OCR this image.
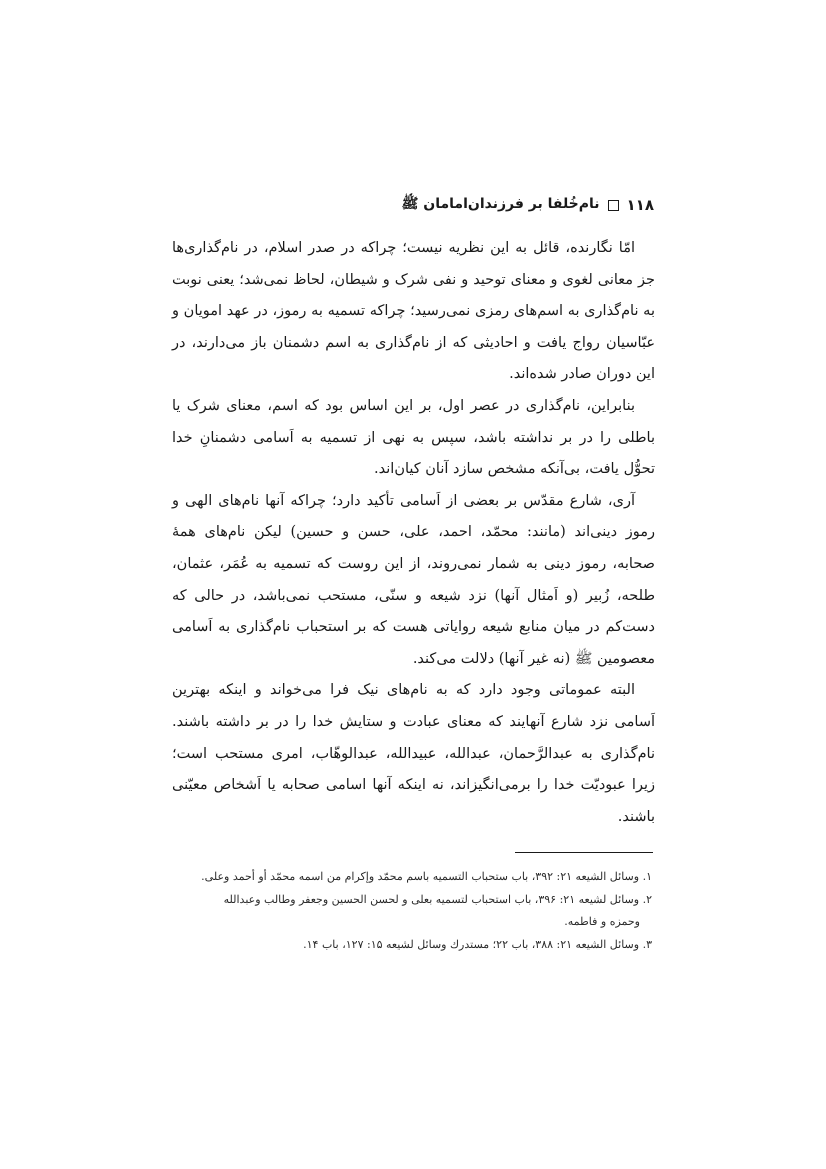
۱۱۸
نام‌خُلفا بر فرزندان‌امامان ﷺ

امّا نگارنده، قائل به این نظریه نیست؛ چراکه در صدر اسلام، در نام‌گذاری‌ها جز معانی لغوی و معنای توحید و نفی شرک و شیطان، لحاظ نمی‌شد؛ یعنی نوبت به نام‌گذاری به اسم‌های رمزی نمی‌رسید؛ چراکه تسمیه به رموز، در عهد امویان و عبّاسیان رواج یافت و احادیثی که از نام‌گذاری به اسم دشمنان باز می‌دارند، در این دوران صادر شده‌اند.

بنابراین، نام‌گذاری در عصر اول، بر این اساس بود که اسم، معنای شرک یا باطلی را در بر نداشته باشد، سپس به نهی از تسمیه به اَسامی دشمنانِ خدا تحوُّل یافت، بی‌آنکه مشخص سازد آنان کیان‌اند.

آری، شارع مقدّس بر بعضی از اَسامی تأکید دارد؛ چراکه آنها نام‌های الهی و رموز دینی‌اند (مانند: محمّد، احمد، علی، حسن و حسین) لیکن نام‌های همهٔ صحابه، رموز دینی به شمار نمی‌روند، از این روست که تسمیه به عُمَر، عثمان، طلحه، زُبیر (و اَمثال آنها) نزد شیعه و سنّی، مستحب نمی‌باشد، در حالی که دست‌کم در میان منابع شیعه روایاتی هست که بر استحباب نام‌گذاری به اَسامی معصومین ﷺ (نه غیر آنها) دلالت می‌کند.

البته عموماتی وجود دارد که به نام‌های نیک فرا می‌خواند و اینکه بهترین اَسامی نزد شارع آنهایند که معنای عبادت و ستایش خدا را در بر داشته باشند. نام‌گذاری به عبدالرَّحمان، عبدالله، عبیدالله، عبدالوهّاب، امری مستحب است؛ زیرا عبودیّت خدا را برمی‌انگیزاند، نه اینکه آنها اسامی صحابه یا اَشخاص معیّنی باشند.

۱. وسائل الشیعه ۲۱: ۳۹۲، باب ستحباب التسمیه باسم محمّد وإکرام من اسمه محمّد أو أحمد وعلی.

۲. وسائل لشیعه ۲۱: ۳۹۶، باب استحباب لتسمیه بعلی و لحسن الحسین وجعفر وطالب وعبدالله

وحمزه و فاطمه.

۳. وسائل الشیعه ۲۱: ۳۸۸، باب ۲۲؛ مستدرك وسائل لشیعه ۱۵: ۱۲۷، باب ۱۴.
